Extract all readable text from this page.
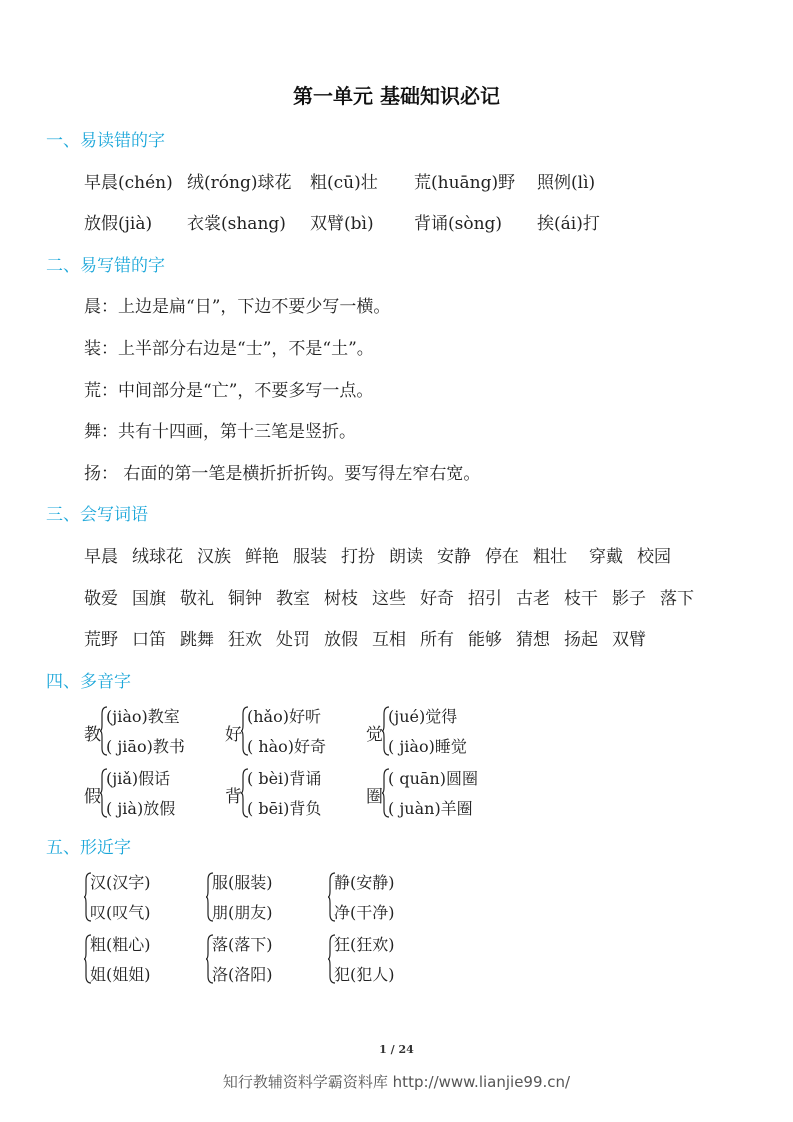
第一单元 基础知识必记
一、易读错的字
早晨(chén) 绒(róng)球花 粗(cū)壮 荒(huāng)野 照例(lì)
放假(jià) 衣裳(shang) 双臂(bì) 背诵(sòng) 挨(ái)打
二、易写错的字
晨：上边是扁“日”，下边不要少写一横。
装：上半部分右边是“士”，不是“土”。
荒：中间部分是“亡”，不要多写一点。
舞：共有十四画，第十三笔是竖折。
扬： 右面的第一笔是横折折折钩。要写得左窄右宽。
三、会写词语
早晨 绒球花 汉族 鲜艳 服装 打扮 朗读 安静 停在 粗壮 穿戴 校园
敬爱 国旗 敬礼 铜钟 教室 树枝 这些 好奇 招引 古老 枝干 影子 落下
荒野 口笛 跳舞 狂欢 处罚 放假 互相 所有 能够 猜想 扬起 双臂
四、多音字
教
(jiào)教室
( jiāo)教书
好
(hǎo)好听
( hào)好奇
觉
(jué)觉得
( jiào)睡觉
假
(jiǎ)假话
( jià)放假
背
( bèi)背诵
( bēi)背负
圈
( quān)圆圈
( juàn)羊圈
五、形近字
汉(汉字)
叹(叹气)
服(服装)
朋(朋友)
静(安静)
净(干净)
粗(粗心)
姐(姐姐)
落(落下)
洛(洛阳)
狂(狂欢)
犯(犯人)
1 / 24
知行教辅资料学霸资料库 http://www.lianjie99.cn/
